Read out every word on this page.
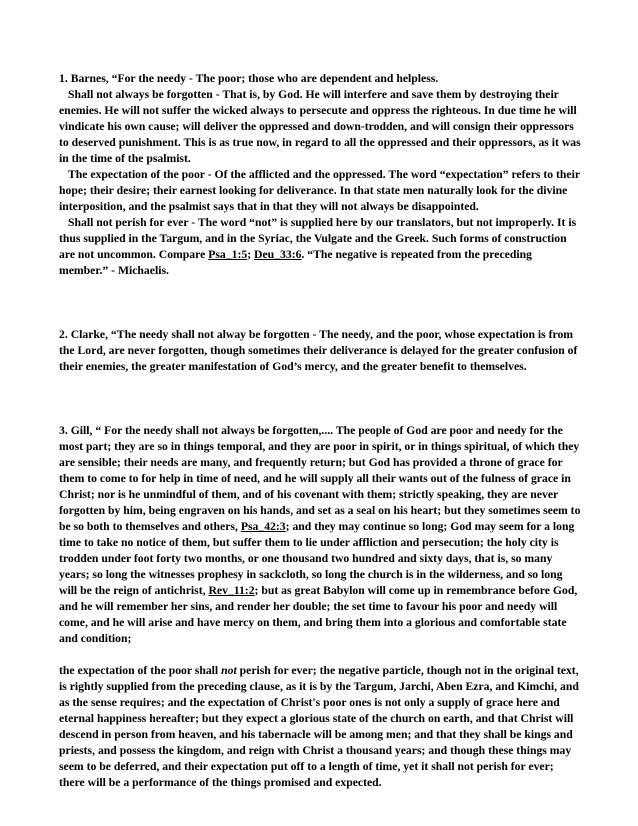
1. Barnes, “For the needy - The poor; those who are dependent and helpless.

Shall not always be forgotten - That is, by God. He will interfere and save them by destroying their enemies. He will not suffer the wicked always to persecute and oppress the righteous. In due time he will vindicate his own cause; will deliver the oppressed and down-trodden, and will consign their oppressors to deserved punishment. This is as true now, in regard to all the oppressed and their oppressors, as it was in the time of the psalmist.

The expectation of the poor - Of the afflicted and the oppressed. The word “expectation” refers to their hope; their desire; their earnest looking for deliverance. In that state men naturally look for the divine interposition, and the psalmist says that in that they will not always be disappointed.

Shall not perish for ever - The word “not” is supplied here by our translators, but not improperly. It is thus supplied in the Targum, and in the Syriac, the Vulgate and the Greek. Such forms of construction are not uncommon. Compare Psa_1:5; Deu_33:6. “The negative is repeated from the preceding member.” - Michaelis.

2. Clarke, “The needy shall not alway be forgotten - The needy, and the poor, whose expectation is from the Lord, are never forgotten, though sometimes their deliverance is delayed for the greater confusion of their enemies, the greater manifestation of God’s mercy, and the greater benefit to themselves.

3. Gill, “ For the needy shall not always be forgotten,.... The people of God are poor and needy for the most part; they are so in things temporal, and they are poor in spirit, or in things spiritual, of which they are sensible; their needs are many, and frequently return; but God has provided a throne of grace for them to come to for help in time of need, and he will supply all their wants out of the fulness of grace in Christ; nor is he unmindful of them, and of his covenant with them; strictly speaking, they are never forgotten by him, being engraven on his hands, and set as a seal on his heart; but they sometimes seem to be so both to themselves and others, Psa_42:3; and they may continue so long; God may seem for a long time to take no notice of them, but suffer them to lie under affliction and persecution; the holy city is trodden under foot forty two months, or one thousand two hundred and sixty days, that is, so many years; so long the witnesses prophesy in sackcloth, so long the church is in the wilderness, and so long will be the reign of antichrist, Rev_11:2; but as great Babylon will come up in remembrance before God, and he will remember her sins, and render her double; the set time to favour his poor and needy will come, and he will arise and have mercy on them, and bring them into a glorious and comfortable state and condition;

the expectation of the poor shall not perish for ever; the negative particle, though not in the original text, is rightly supplied from the preceding clause, as it is by the Targum, Jarchi, Aben Ezra, and Kimchi, and as the sense requires; and the expectation of Christ's poor ones is not only a supply of grace here and eternal happiness hereafter; but they expect a glorious state of the church on earth, and that Christ will descend in person from heaven, and his tabernacle will be among men; and that they shall be kings and priests, and possess the kingdom, and reign with Christ a thousand years; and though these things may seem to be deferred, and their expectation put off to a length of time, yet it shall not perish for ever; there will be a performance of the things promised and expected.
